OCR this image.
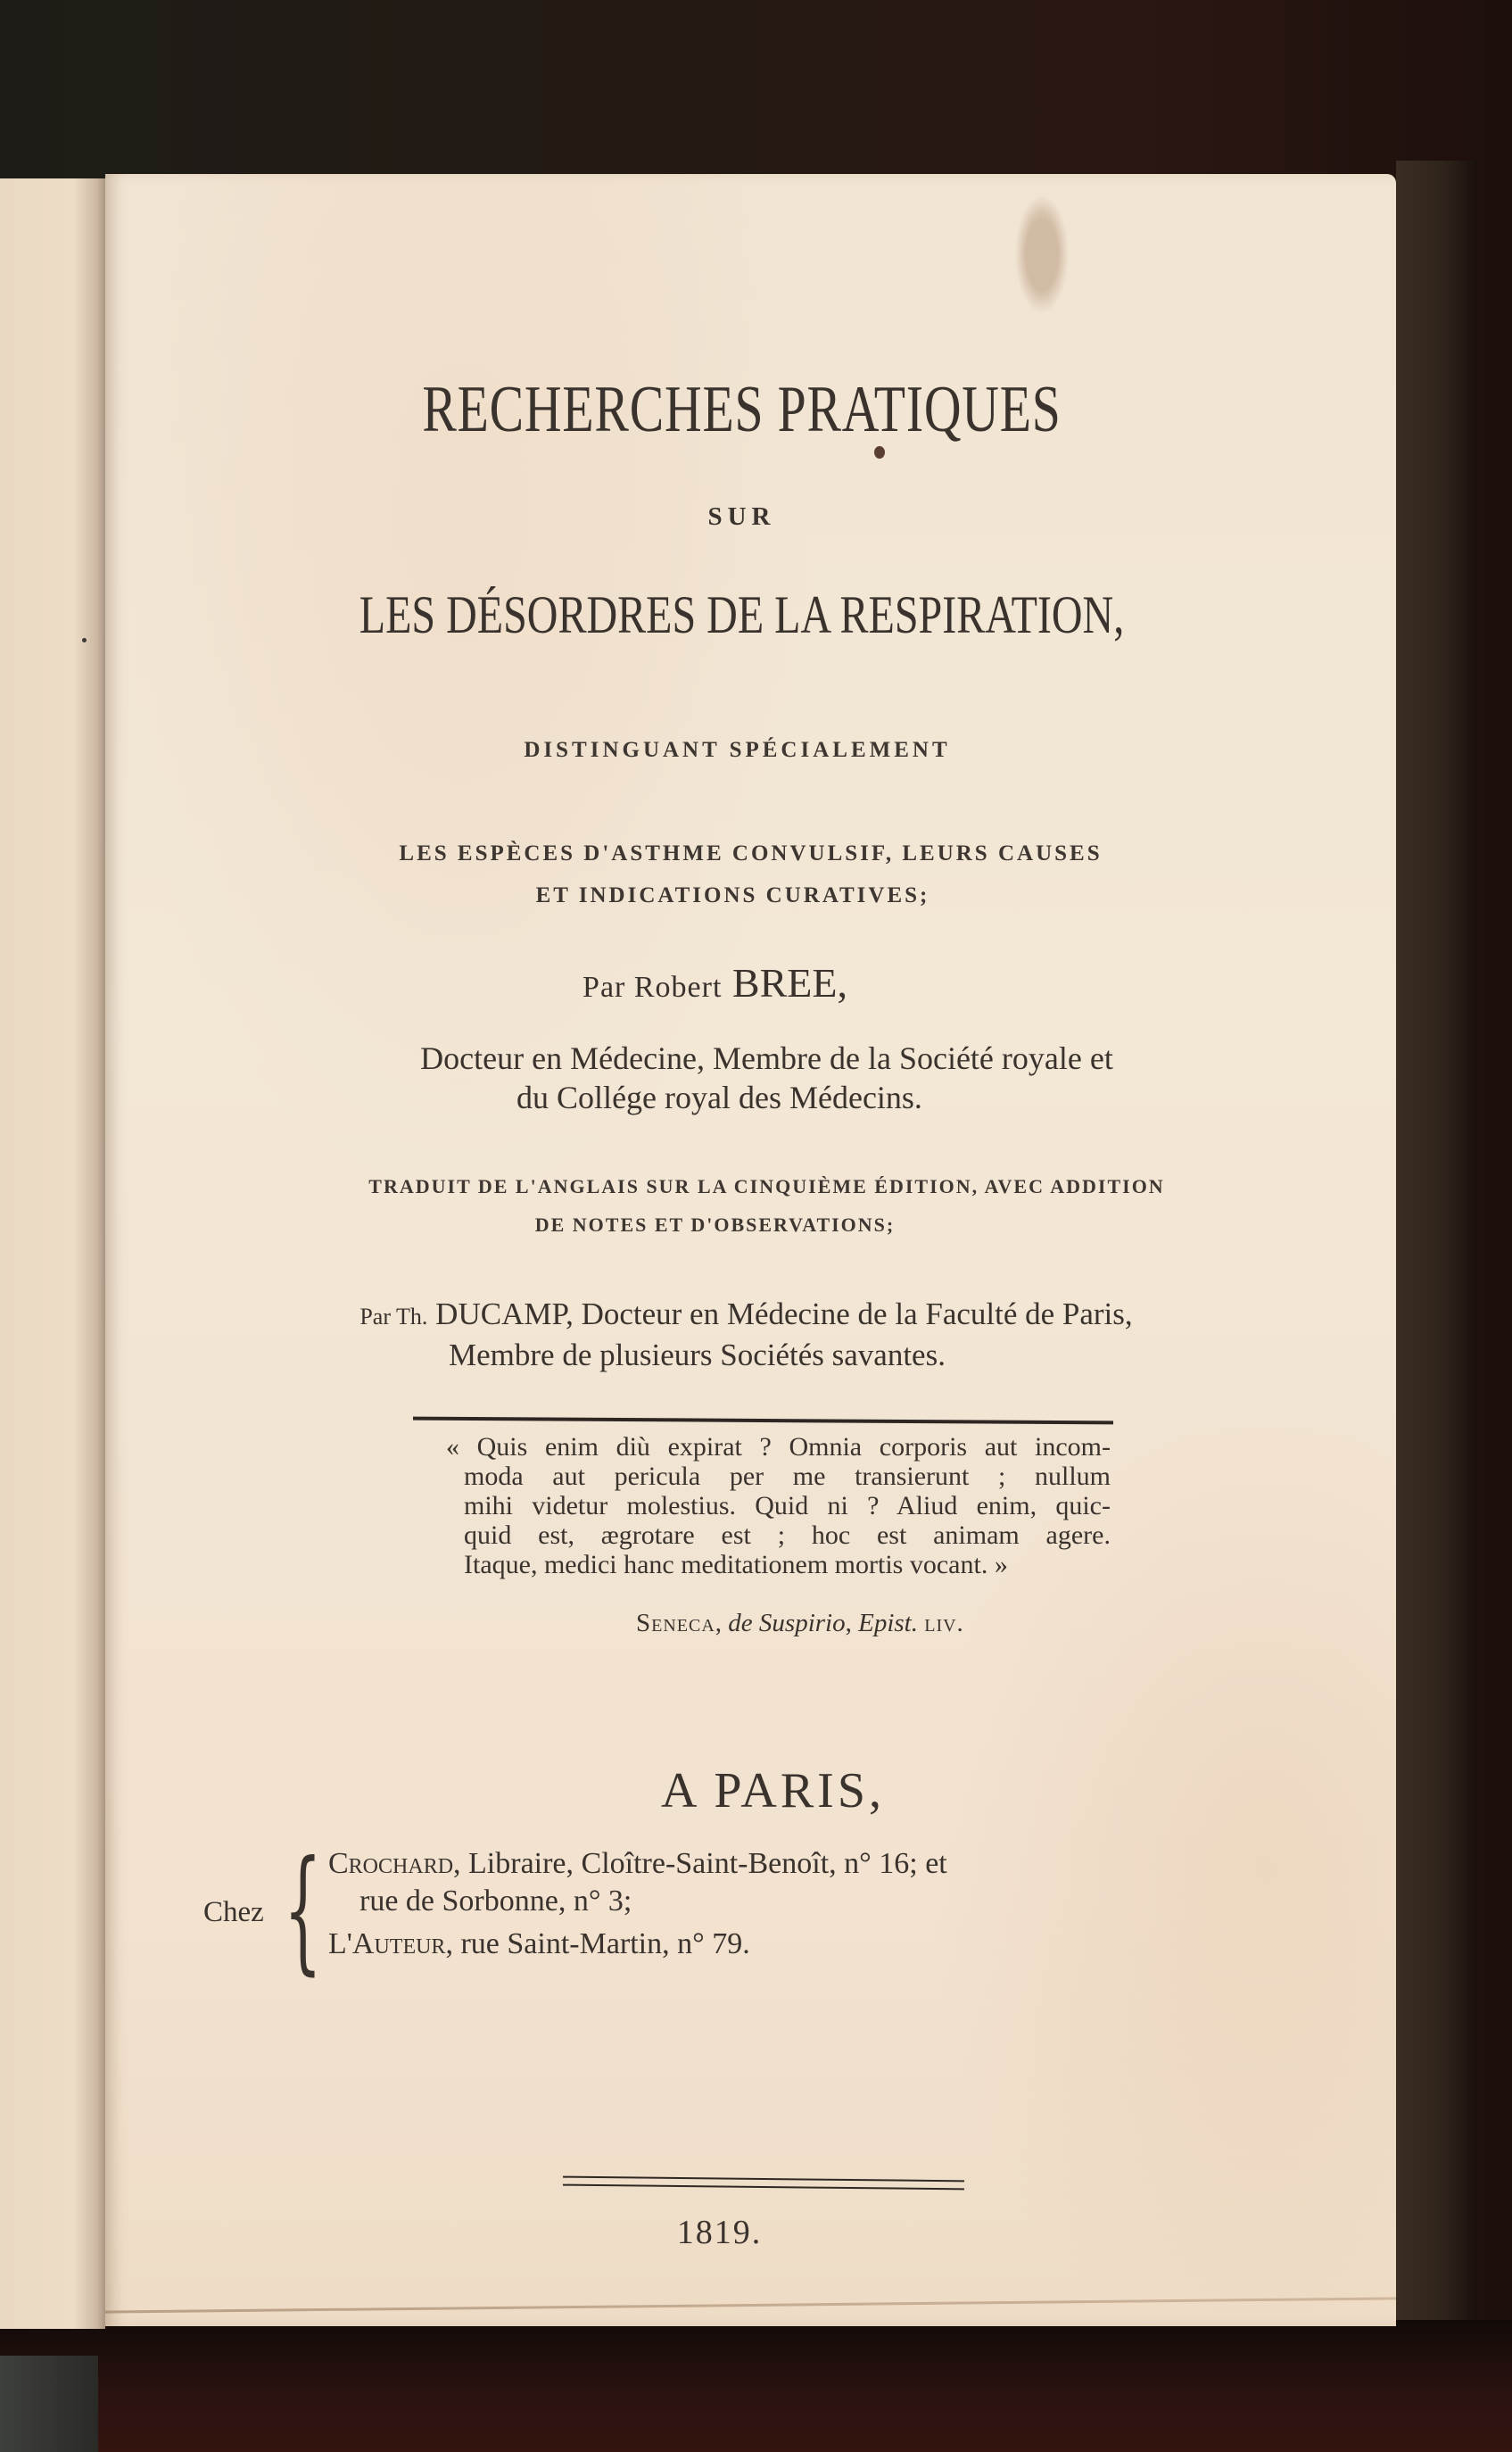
RECHERCHES PRATIQUES
SUR
LES DÉSORDRES DE LA RESPIRATION,
DISTINGUANT SPÉCIALEMENT
LES ESPÈCES D'ASTHME CONVULSIF, LEURS CAUSES
ET INDICATIONS CURATIVES;
Par Robert BREE,
Docteur en Médecine, Membre de la Société royale et
du Collége royal des Médecins.
TRADUIT DE L'ANGLAIS SUR LA CINQUIÈME ÉDITION, AVEC ADDITION
DE NOTES ET D'OBSERVATIONS;
Par Th. DUCAMP, Docteur en Médecine de la Faculté de Paris,
Membre de plusieurs Sociétés savantes.
« Quis enim diù expirat ? Omnia corporis aut incom-
moda aut pericula per me transierunt ; nullum
mihi videtur molestius. Quid ni ? Aliud enim, quic-
quid est, ægrotare est ; hoc est animam agere.
Itaque, medici hanc meditationem mortis vocant. »
Seneca, de Suspirio, Epist. liv.
A PARIS,
Chez { Crochard, Libraire, Cloître-Saint-Benoît, n° 16; et
rue de Sorbonne, n° 3;
L'Auteur, rue Saint-Martin, n° 79.
1819.
